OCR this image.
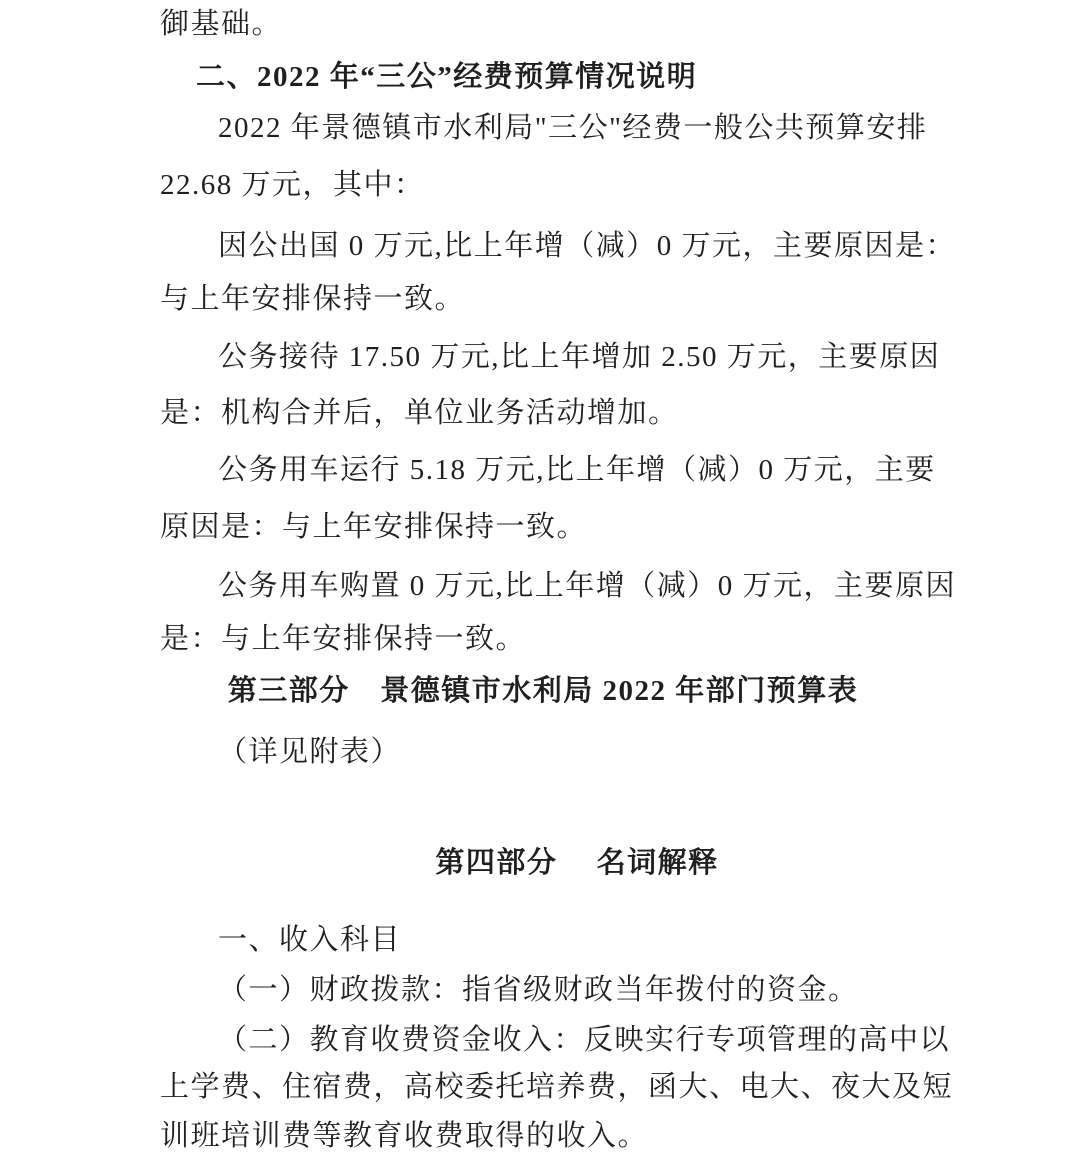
御基础。
二、2022 年“三公”经费预算情况说明
2022 年景德镇市水利局"三公"经费一般公共预算安排
22.68 万元，其中：
因公出国 0 万元,比上年增（减）0 万元，主要原因是：
与上年安排保持一致。
公务接待 17.50 万元,比上年增加 2.50 万元，主要原因
是：机构合并后，单位业务活动增加。
公务用车运行 5.18 万元,比上年增（减）0 万元，主要
原因是：与上年安排保持一致。
公务用车购置 0 万元,比上年增（减）0 万元，主要原因
是：与上年安排保持一致。
第三部分　景德镇市水利局 2022 年部门预算表
（详见附表）
第四部分　 名词解释
一、收入科目
（一）财政拨款：指省级财政当年拨付的资金。
（二）教育收费资金收入：反映实行专项管理的高中以
上学费、住宿费，高校委托培养费，函大、电大、夜大及短
训班培训费等教育收费取得的收入。
